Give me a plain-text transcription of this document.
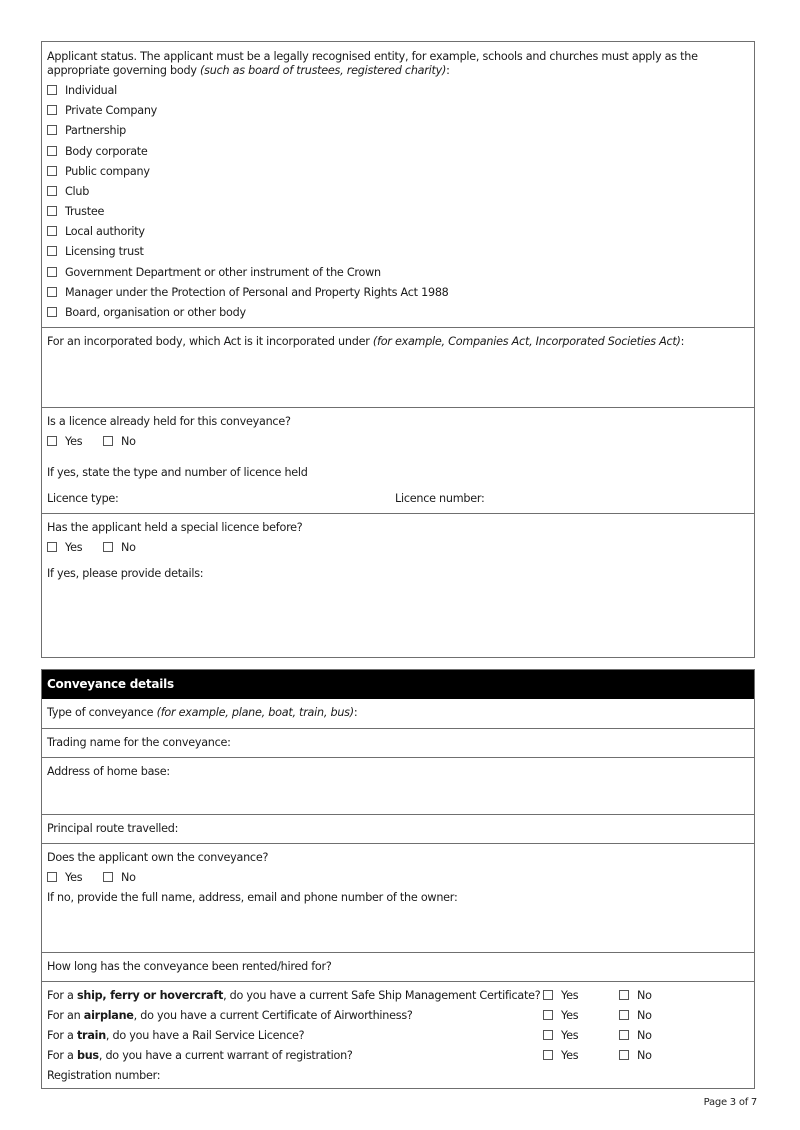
Applicant status. The applicant must be a legally recognised entity, for example, schools and churches must apply as the
appropriate governing body (such as board of trustees, registered charity):
Individual
Private Company
Partnership
Body corporate
Public company
Club
Trustee
Local authority
Licensing trust
Government Department or other instrument of the Crown
Manager under the Protection of Personal and Property Rights Act 1988
Board, organisation or other body
For an incorporated body, which Act is it incorporated under (for example, Companies Act, Incorporated Societies Act):
Is a licence already held for this conveyance?
Yes	No
If yes, state the type and number of licence held
Licence type:	Licence number:
Has the applicant held a special licence before?
Yes	No
If yes, please provide details:
Conveyance details
Type of conveyance (for example, plane, boat, train, bus):
Trading name for the conveyance:
Address of home base:
Principal route travelled:
Does the applicant own the conveyance?
Yes	No
If no, provide the full name, address, email and phone number of the owner:
How long has the conveyance been rented/hired for?
For a ship, ferry or hovercraft, do you have a current Safe Ship Management Certificate?	Yes	No
For an airplane, do you have a current Certificate of Airworthiness?	Yes	No
For a train, do you have a Rail Service Licence?	Yes	No
For a bus, do you have a current warrant of registration?	Yes	No
Registration number:
Page 3 of 7
